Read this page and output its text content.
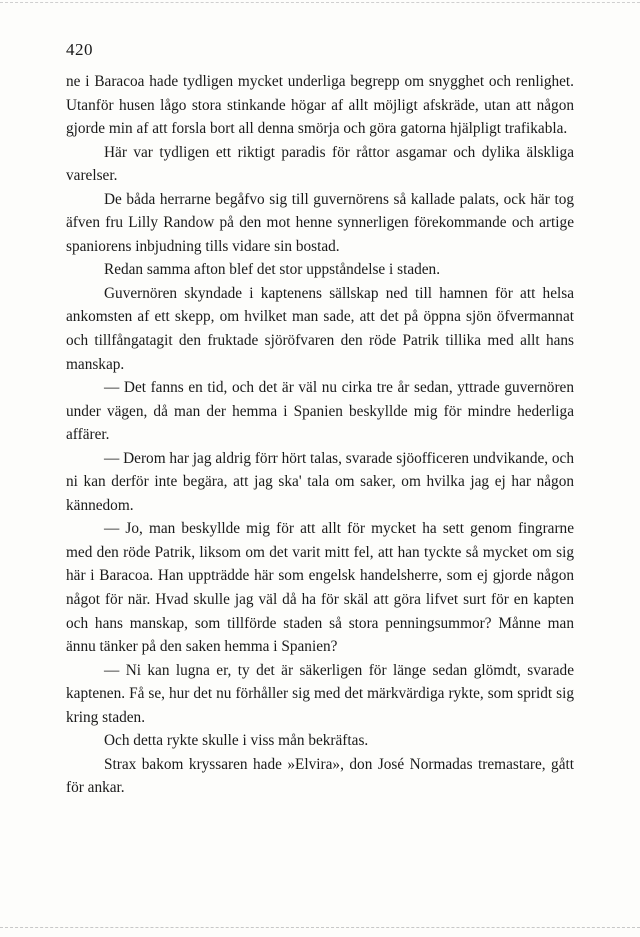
420

ne i Baracoa hade tydligen mycket underliga begrepp om snygghet och renlighet. Utanför husen lågo stora stinkande högar af allt möjligt afskräde, utan att någon gjorde min af att forsla bort all denna smörja och göra gatorna hjälpligt trafikabla.

Här var tydligen ett riktigt paradis för råttor asgamar och dylika älskliga varelser.

De båda herrarne begåfvo sig till guvernörens så kallade palats, ock här tog äfven fru Lilly Randow på den mot henne synnerligen förekommande och artige spaniorens inbjudning tills vidare sin bostad.

Redan samma afton blef det stor uppståndelse i staden.

Guvernören skyndade i kaptenens sällskap ned till hamnen för att helsa ankomsten af ett skepp, om hvilket man sade, att det på öppna sjön öfvermannat och tillfångatagit den fruktade sjöröfvaren den röde Patrik tillika med allt hans manskap.

— Det fanns en tid, och det är väl nu cirka tre år sedan, yttrade guvernören under vägen, då man der hemma i Spanien beskyllde mig för mindre hederliga affärer.

— Derom har jag aldrig förr hört talas, svarade sjöofficeren undvikande, och ni kan derför inte begära, att jag ska' tala om saker, om hvilka jag ej har någon kännedom.

— Jo, man beskyllde mig för att allt för mycket ha sett genom fingrarne med den röde Patrik, liksom om det varit mitt fel, att han tyckte så mycket om sig här i Baracoa. Han uppträdde här som engelsk handelsherre, som ej gjorde någon något för när. Hvad skulle jag väl då ha för skäl att göra lifvet surt för en kapten och hans manskap, som tillförde staden så stora penningsummor? Månne man ännu tänker på den saken hemma i Spanien?

— Ni kan lugna er, ty det är säkerligen för länge sedan glömdt, svarade kaptenen. Få se, hur det nu förhåller sig med det märkvärdiga rykte, som spridt sig kring staden.

Och detta rykte skulle i viss mån bekräftas.

Strax bakom kryssaren hade »Elvira», don José Normadas tremastare, gått för ankar.
